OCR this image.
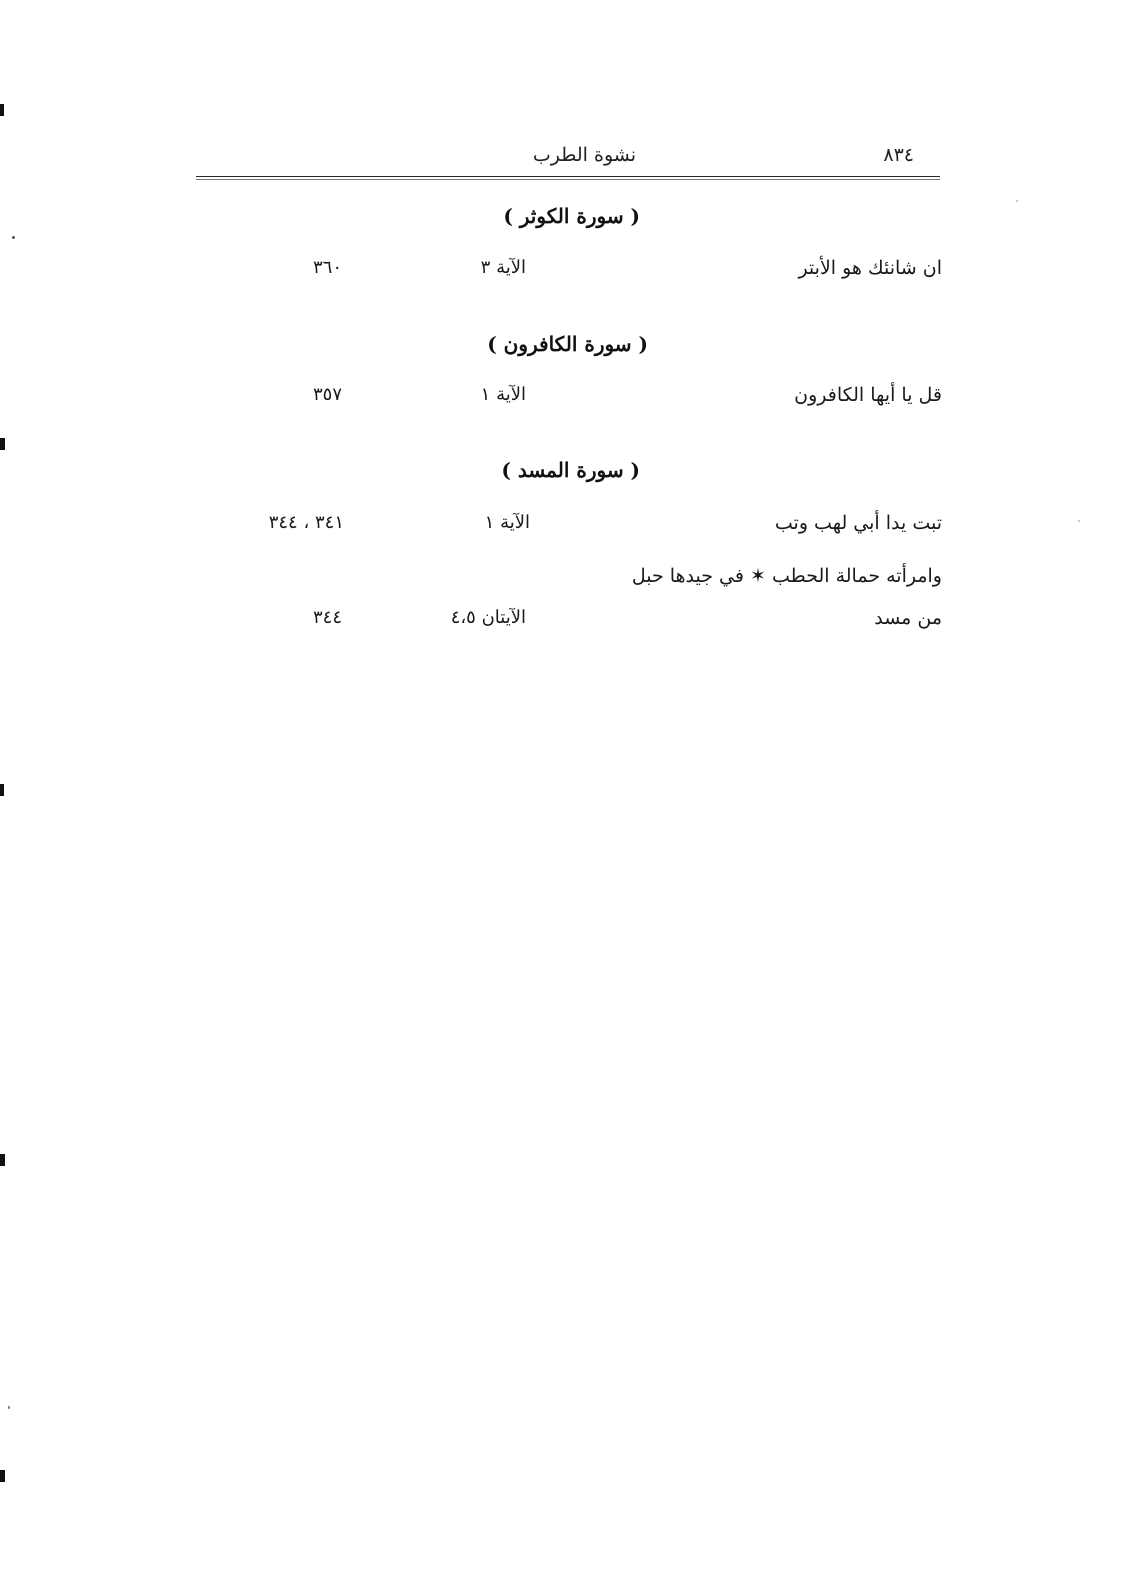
٨٣٤
نشوة الطرب
( سورة الكوثر )
ان شانئك هو الأبتر
الآية ٣
٣٦٠
( سورة الكافرون )
قل يا أيها الكافرون
الآية ١
٣٥٧
( سورة المسد )
تبت يدا أبي لهب وتب
الآية ١
٣٤١ ، ٣٤٤
وامرأته حمالة الحطب ✶ في جيدها حبل
من مسد
الآيتان ٤،٥
٣٤٤
